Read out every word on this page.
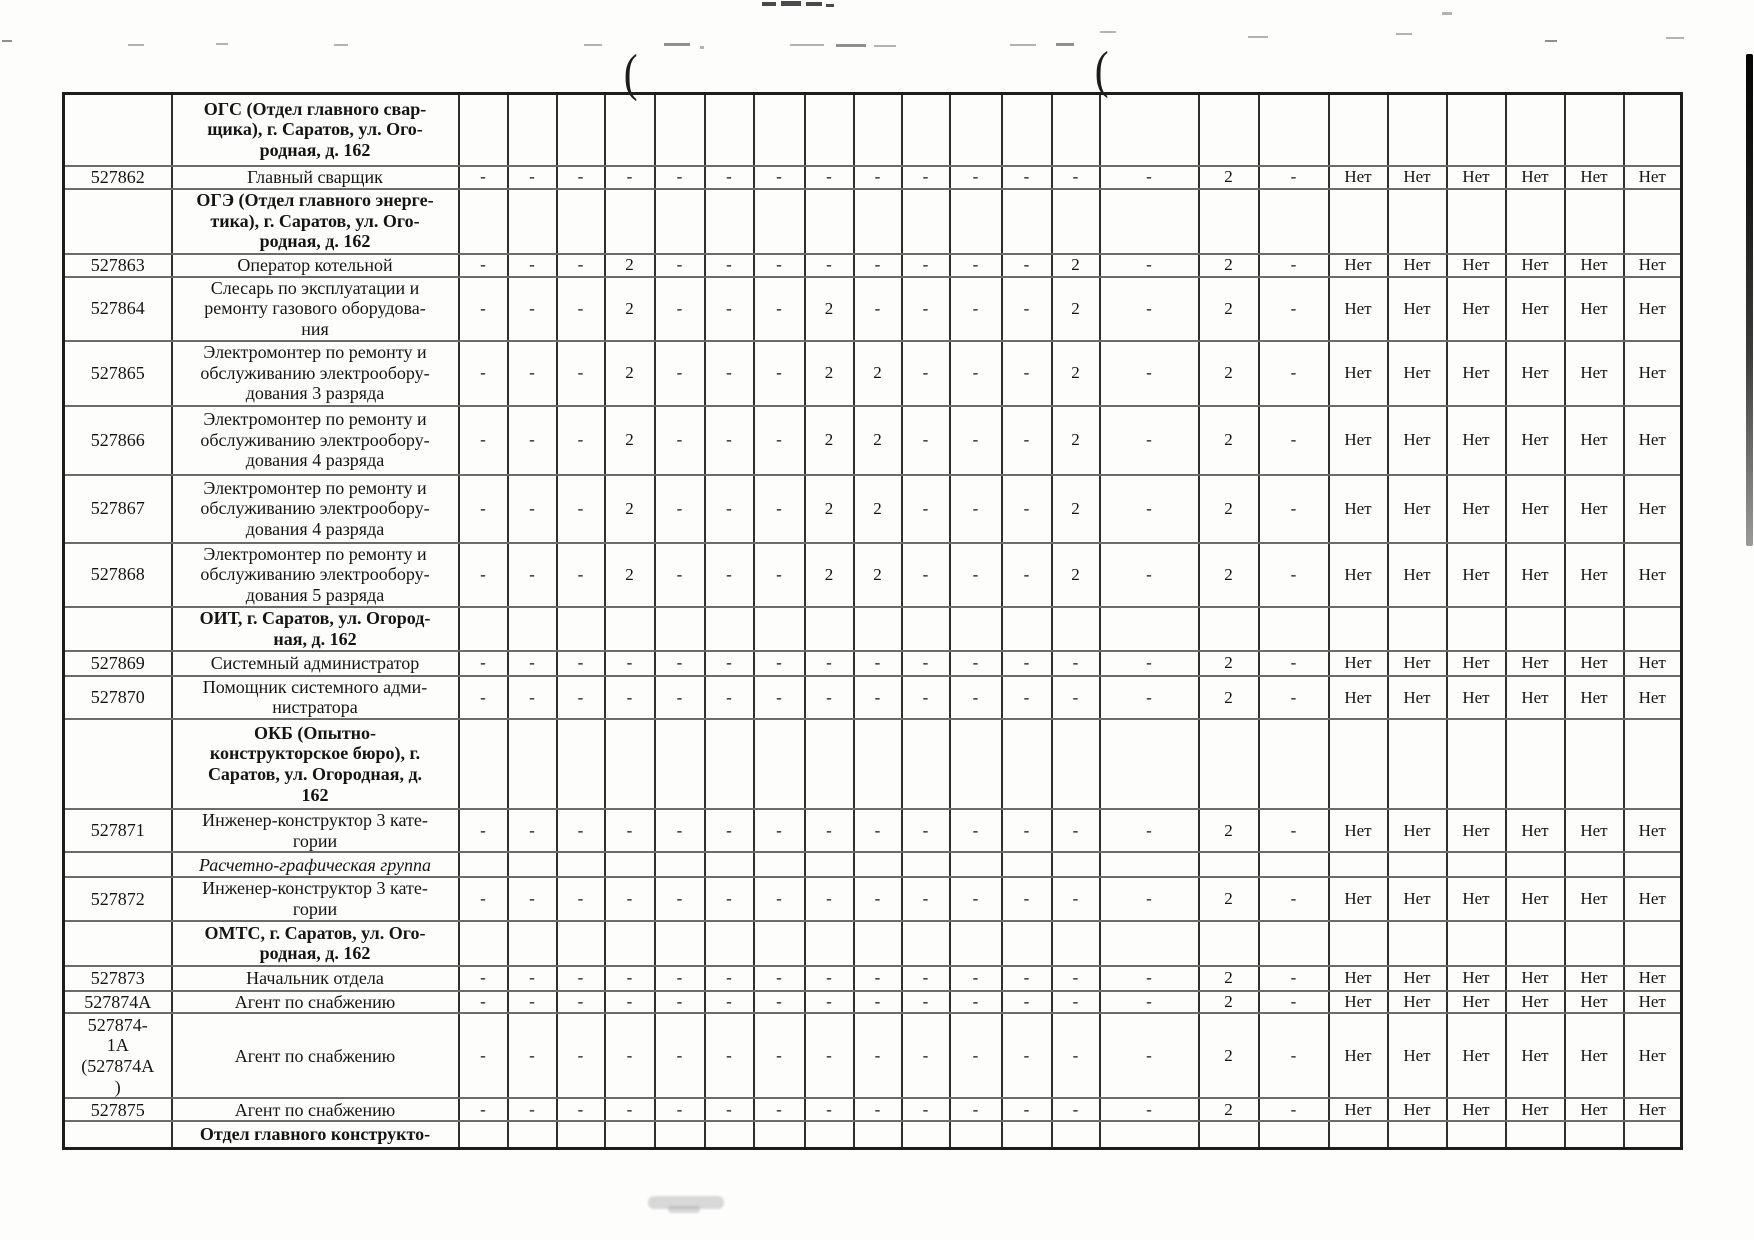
	ОГС (Отдел главного свар-
щика), г. Саратов, ул. Ого-
родная, д. 162																						

527862	Главный сварщик	-	-	-	-	-	-	-	-	-	-	-	-	-	-	2	-	Нет	Нет	Нет	Нет	Нет	Нет

	ОГЭ (Отдел главного энерге-
тика), г. Саратов, ул. Ого-
родная, д. 162																						

527863	Оператор котельной	-	-	-	2	-	-	-	-	-	-	-	-	2	-	2	-	Нет	Нет	Нет	Нет	Нет	Нет

527864	Слесарь по эксплуатации и
ремонту газового оборудова-
ния	-	-	-	2	-	-	-	2	-	-	-	-	2	-	2	-	Нет	Нет	Нет	Нет	Нет	Нет

527865	Электромонтер по ремонту и
обслуживанию электрообору-
дования 3 разряда	-	-	-	2	-	-	-	2	2	-	-	-	2	-	2	-	Нет	Нет	Нет	Нет	Нет	Нет

527866	Электромонтер по ремонту и
обслуживанию электрообору-
дования 4 разряда	-	-	-	2	-	-	-	2	2	-	-	-	2	-	2	-	Нет	Нет	Нет	Нет	Нет	Нет

527867	Электромонтер по ремонту и
обслуживанию электрообору-
дования 4 разряда	-	-	-	2	-	-	-	2	2	-	-	-	2	-	2	-	Нет	Нет	Нет	Нет	Нет	Нет

527868	Электромонтер по ремонту и
обслуживанию электрообору-
дования 5 разряда	-	-	-	2	-	-	-	2	2	-	-	-	2	-	2	-	Нет	Нет	Нет	Нет	Нет	Нет

	ОИТ, г. Саратов, ул. Огород-
ная, д. 162																						

527869	Системный администратор	-	-	-	-	-	-	-	-	-	-	-	-	-	-	2	-	Нет	Нет	Нет	Нет	Нет	Нет

527870	Помощник системного адми-
нистратора	-	-	-	-	-	-	-	-	-	-	-	-	-	-	2	-	Нет	Нет	Нет	Нет	Нет	Нет

	ОКБ (Опытно-
конструкторское бюро), г.
Саратов, ул. Огородная, д.
162																						

527871	Инженер-конструктор 3 кате-
гории	-	-	-	-	-	-	-	-	-	-	-	-	-	-	2	-	Нет	Нет	Нет	Нет	Нет	Нет

	Расчетно-графическая группа																						

527872	Инженер-конструктор 3 кате-
гории	-	-	-	-	-	-	-	-	-	-	-	-	-	-	2	-	Нет	Нет	Нет	Нет	Нет	Нет

	ОМТС, г. Саратов, ул. Ого-
родная, д. 162																						

527873	Начальник отдела	-	-	-	-	-	-	-	-	-	-	-	-	-	-	2	-	Нет	Нет	Нет	Нет	Нет	Нет

527874А	Агент по снабжению	-	-	-	-	-	-	-	-	-	-	-	-	-	-	2	-	Нет	Нет	Нет	Нет	Нет	Нет

527874-
1А
(527874А
)	Агент по снабжению	-	-	-	-	-	-	-	-	-	-	-	-	-	-	2	-	Нет	Нет	Нет	Нет	Нет	Нет

527875	Агент по снабжению	-	-	-	-	-	-	-	-	-	-	-	-	-	-	2	-	Нет	Нет	Нет	Нет	Нет	Нет

	Отдел главного конструкто-																						

(	(
